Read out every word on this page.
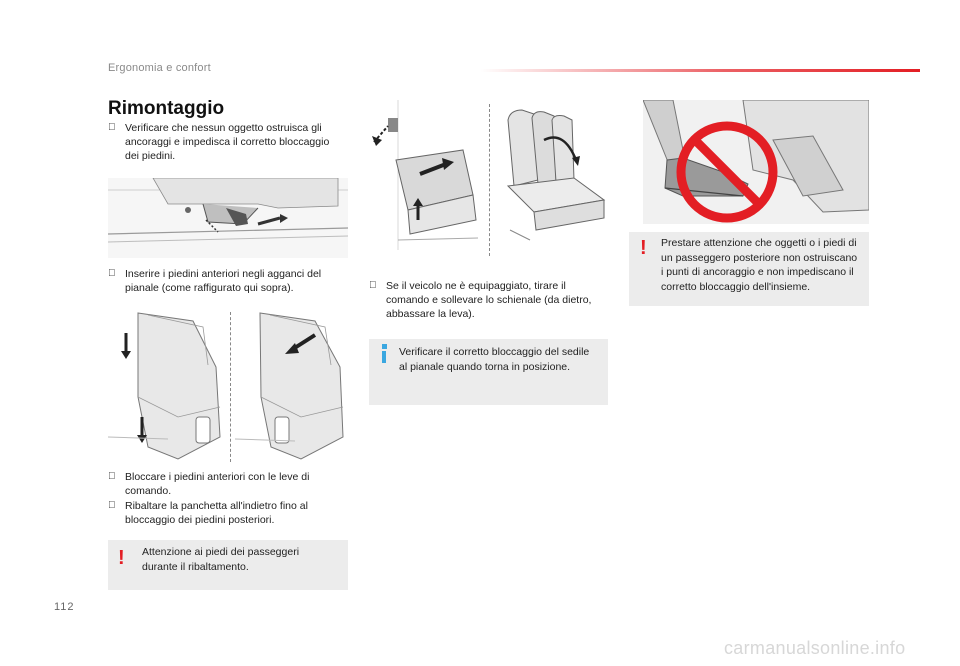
Ergonomia e confort
Rimontaggio
Verificare che nessun oggetto ostruisca gli ancoraggi e impedisca il corretto bloccaggio dei piedini.
Inserire i piedini anteriori negli agganci del pianale (come raffigurato qui sopra).
Bloccare i piedini anteriori con le leve di comando.
Ribaltare la panchetta all'indietro fino al bloccaggio dei piedini posteriori.
! Attenzione ai piedi dei passeggeri durante il ribaltamento.
Se il veicolo ne è equipaggiato, tirare il comando e sollevare lo schienale (da dietro, abbassare la leva).
Verificare il corretto bloccaggio del sedile al pianale quando torna in posizione.
! Prestare attenzione che oggetti o i piedi di un passeggero posteriore non ostruiscano i punti di ancoraggio e non impediscano il corretto bloccaggio dell'insieme.
112
carmanualsonline.info
